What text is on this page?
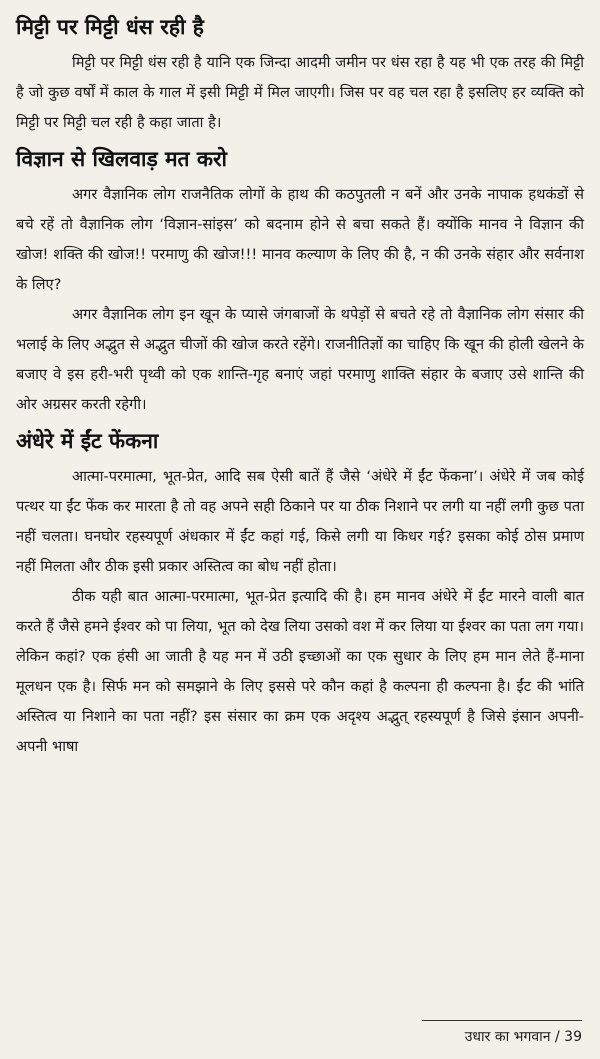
मिट्टी पर मिट्टी धंस रही है

मिट्टी पर मिट्टी धंस रही है यानि एक जिन्दा आदमी जमीन पर धंस रहा है यह भी एक तरह की मिट्टी है जो कुछ वर्षों में काल के गाल में इसी मिट्टी में मिल जाएगी। जिस पर वह चल रहा है इसलिए हर व्यक्ति को मिट्टी पर मिट्टी चल रही है कहा जाता है।

विज्ञान से खिलवाड़ मत करो

अगर वैज्ञानिक लोग राजनैतिक लोगों के हाथ की कठपुतली न बनें और उनके नापाक हथकंडों से बचे रहें तो वैज्ञानिक लोग ‘विज्ञान-सांइस’ को बदनाम होने से बचा सकते हैं। क्योंकि मानव ने विज्ञान की खोज! शक्ति की खोज!! परमाणु की खोज!!! मानव कल्याण के लिए की है, न की उनके संहार और सर्वनाश के लिए?

अगर वैज्ञानिक लोग इन खून के प्यासे जंगबाजों के थपेड़ों से बचते रहे तो वैज्ञानिक लोग संसार की भलाई के लिए अद्भुत से अद्भुत चीजों की खोज करते रहेंगे। राजनीतिज्ञों का चाहिए कि खून की होली खेलने के बजाए वे इस हरी-भरी पृथ्वी को एक शान्ति-गृह बनाएं जहां परमाणु शाक्ति संहार के बजाए उसे शान्ति की ओर अग्रसर करती रहेगी।

अंधेरे में ईंट फेंकना

आत्मा-परमात्मा, भूत-प्रेत, आदि सब ऐसी बातें हैं जैसे ‘अंधेरे में ईंट फेंकना’। अंधेरे में जब कोई पत्थर या ईंट फेंक कर मारता है तो वह अपने सही ठिकाने पर या ठीक निशाने पर लगी या नहीं लगी कुछ पता नहीं चलता। घनघोर रहस्यपूर्ण अंधकार में ईंट कहां गई, किसे लगी या किधर गई? इसका कोई ठोस प्रमाण नहीं मिलता और ठीक इसी प्रकार अस्तित्व का बोध नहीं होता।

ठीक यही बात आत्मा-परमात्मा, भूत-प्रेत इत्यादि की है। हम मानव अंधेरे में ईंट मारने वाली बात करते हैं जैसे हमने ईश्वर को पा लिया, भूत को देख लिया उसको वश में कर लिया या ईश्वर का पता लग गया। लेकिन कहां? एक हंसी आ जाती है यह मन में उठी इच्छाओं का एक सुधार के लिए हम मान लेते हैं-माना मूलधन एक है। सिर्फ मन को समझाने के लिए इससे परे कौन कहां है कल्पना ही कल्पना है। ईंट की भांति अस्तित्व या निशाने का पता नहीं? इस संसार का क्रम एक अदृश्य अद्भुत् रहस्यपूर्ण है जिसे इंसान अपनी-अपनी भाषा

उधार का भगवान / 39
